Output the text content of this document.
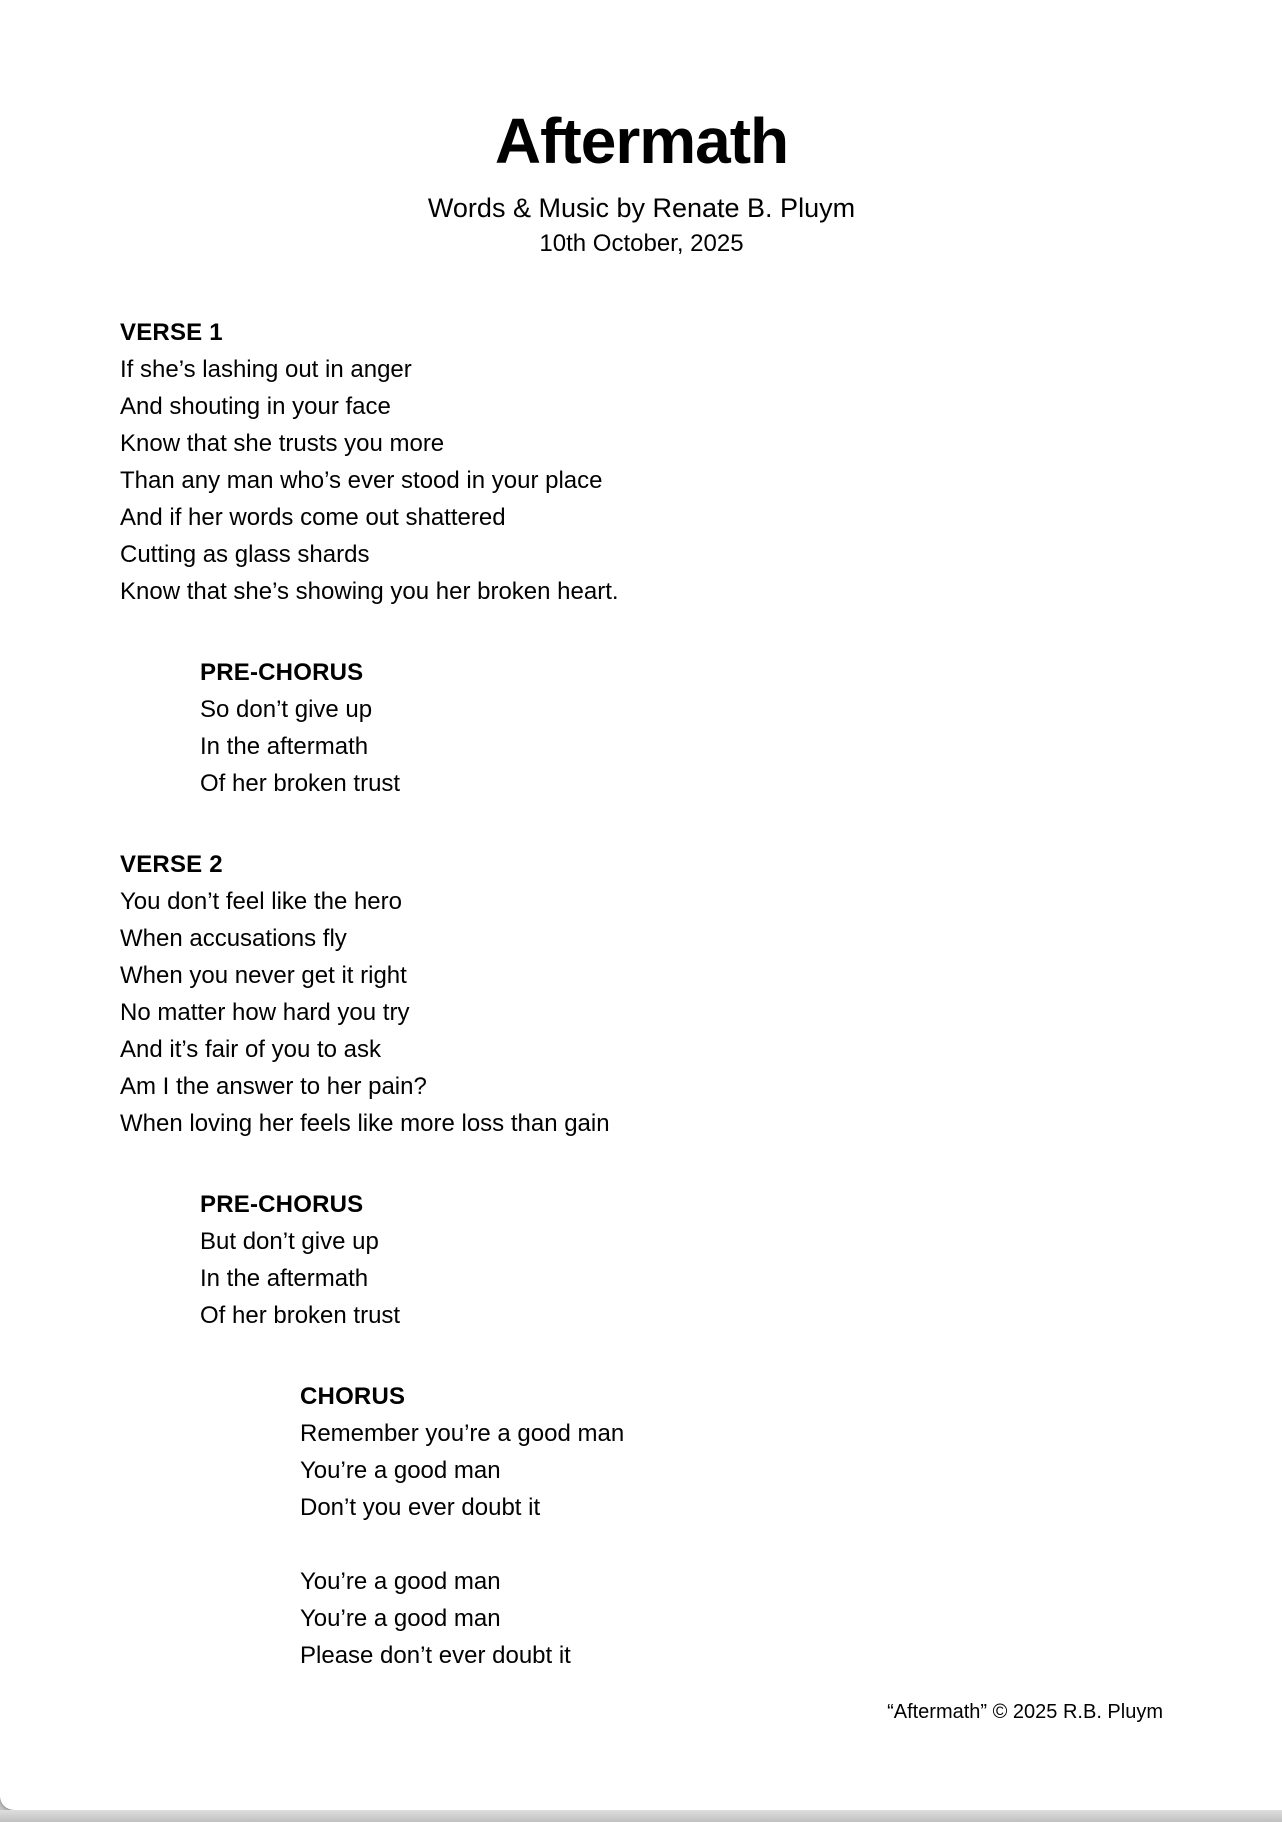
Aftermath
Words & Music by Renate B. Pluym
10th October, 2025
VERSE 1
If she’s lashing out in anger
And shouting in your face
Know that she trusts you more
Than any man who’s ever stood in your place
And if her words come out shattered
Cutting as glass shards
Know that she’s showing you her broken heart.
PRE-CHORUS
So don’t give up
In the aftermath
Of her broken trust
VERSE 2
You don’t feel like the hero
When accusations fly
When you never get it right
No matter how hard you try
And it’s fair of you to ask
Am I the answer to her pain?
When loving her feels like more loss than gain
PRE-CHORUS
But don’t give up
In the aftermath
Of her broken trust
CHORUS
Remember you’re a good man
You’re a good man
Don’t you ever doubt it
You’re a good man
You’re a good man
Please don’t ever doubt it
“Aftermath” © 2025 R.B. Pluym
